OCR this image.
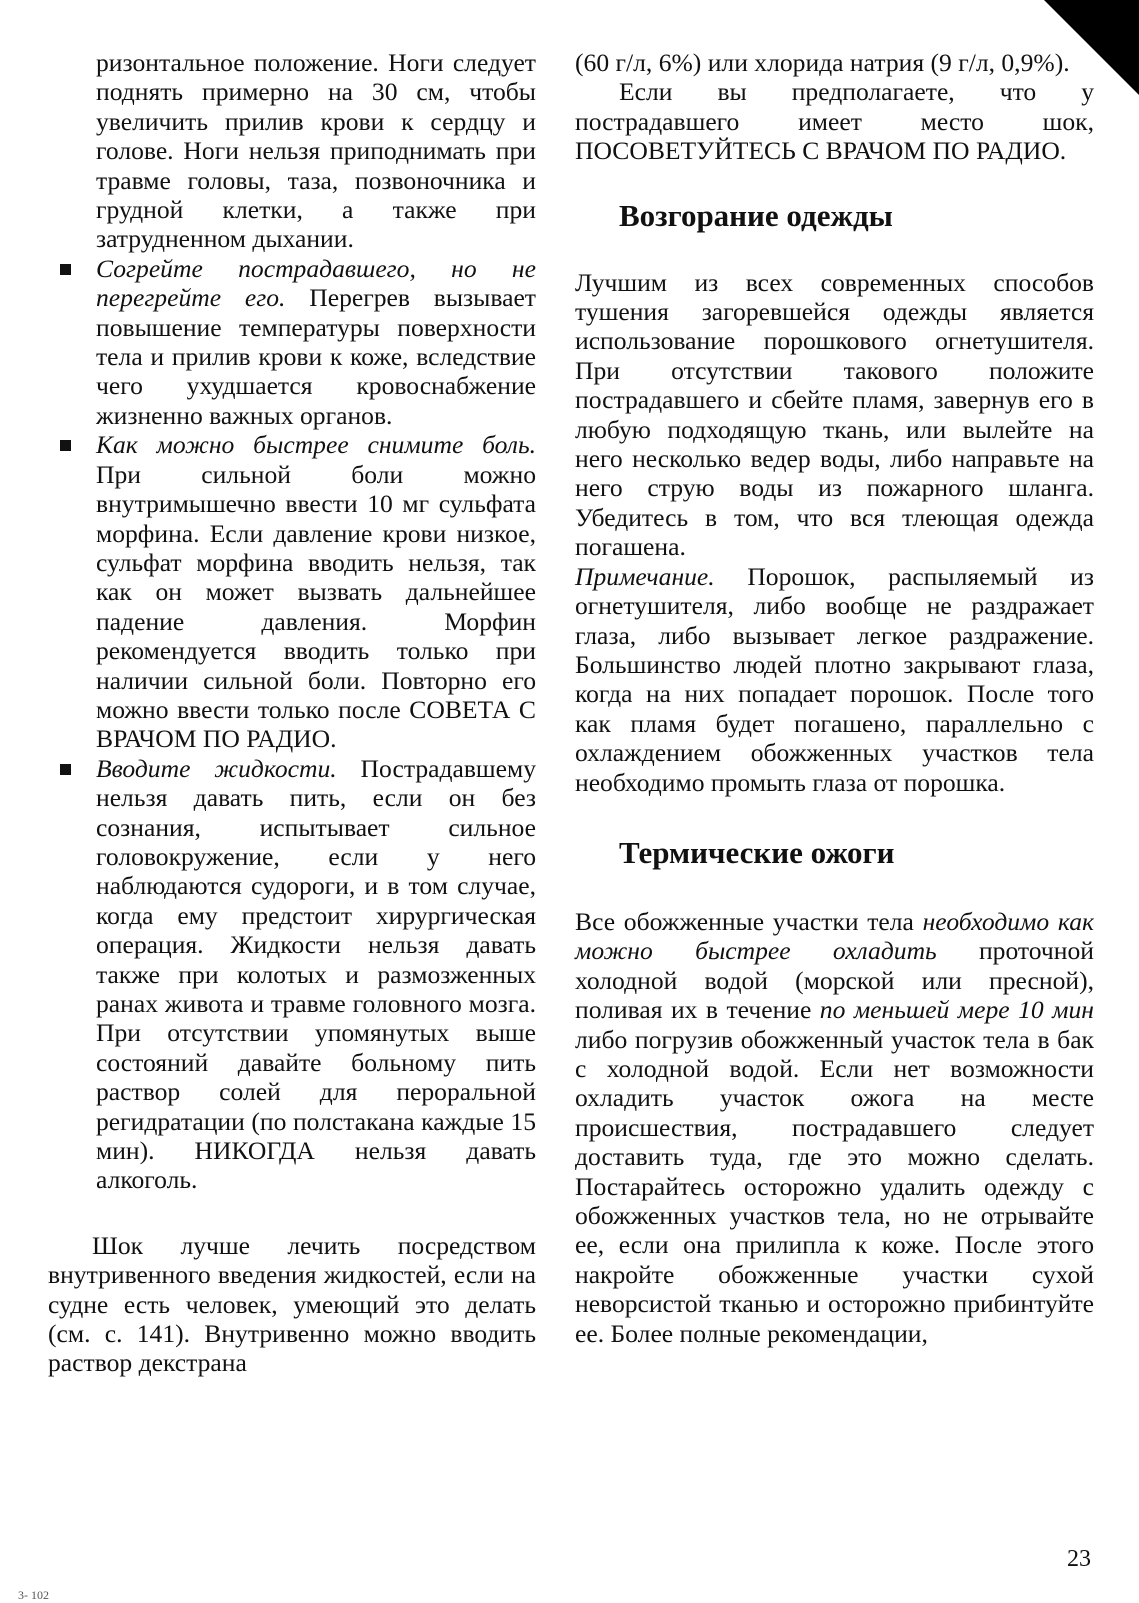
ризонтальное положение. Ноги следует поднять примерно на 30 см, чтобы увеличить прилив крови к сердцу и голове. Ноги нельзя приподнимать при травме головы, таза, позвоночника и грудной клетки, а также при затрудненном дыхании.

Согрейте пострадавшего, но не перегрейте его. Перегрев вызывает повышение температуры поверхности тела и прилив крови к коже, вследствие чего ухудшается кровоснабжение жизненно важных органов.

Как можно быстрее снимите боль. При сильной боли можно внутримышечно ввести 10 мг сульфата морфина. Если давление крови низкое, сульфат морфина вводить нельзя, так как он может вызвать дальнейшее падение давления. Морфин рекомендуется вводить только при наличии сильной боли. Повторно его можно ввести только после СОВЕТА С ВРАЧОМ ПО РАДИО.

Вводите жидкости. Пострадавшему нельзя давать пить, если он без сознания, испытывает сильное головокружение, если у него наблюдаются судороги, и в том случае, когда ему предстоит хирургическая операция. Жидкости нельзя давать также при колотых и размозженных ранах живота и травме головного мозга. При отсутствии упомянутых выше состояний давайте больному пить раствор солей для пероральной регидратации (по полстакана каждые 15 мин). НИКОГДА нельзя давать алкоголь.

Шок лучше лечить посредством внутривенного введения жидкостей, если на судне есть человек, умеющий это делать (см. с. 141). Внутривенно можно вводить раствор декстрана

(60 г/л, 6%) или хлорида натрия (9 г/л, 0,9%).

Если вы предполагаете, что у пострадавшего имеет место шок, ПОСОВЕТУЙТЕСЬ С ВРАЧОМ ПО РАДИО.

Возгорание одежды

Лучшим из всех современных способов тушения загоревшейся одежды является использование порошкового огнетушителя. При отсутствии такового положите пострадавшего и сбейте пламя, завернув его в любую подходящую ткань, или вылейте на него несколько ведер воды, либо направьте на него струю воды из пожарного шланга. Убедитесь в том, что вся тлеющая одежда погашена.

Примечание. Порошок, распыляемый из огнетушителя, либо вообще не раздражает глаза, либо вызывает легкое раздражение. Большинство людей плотно закрывают глаза, когда на них попадает порошок. После того как пламя будет погашено, параллельно с охлаждением обожженных участков тела необходимо промыть глаза от порошка.

Термические ожоги

Все обожженные участки тела необходимо как можно быстрее охладить проточной холодной водой (морской или пресной), поливая их в течение по меньшей мере 10 мин либо погрузив обожженный участок тела в бак с холодной водой. Если нет возможности охладить участок ожога на месте происшествия, пострадавшего следует доставить туда, где это можно сделать. Постарайтесь осторожно удалить одежду с обожженных участков тела, но не отрывайте ее, если она прилипла к коже. После этого накройте обожженные участки сухой неворсистой тканью и осторожно прибинтуйте ее. Более полные рекомендации,

23

3- 102
